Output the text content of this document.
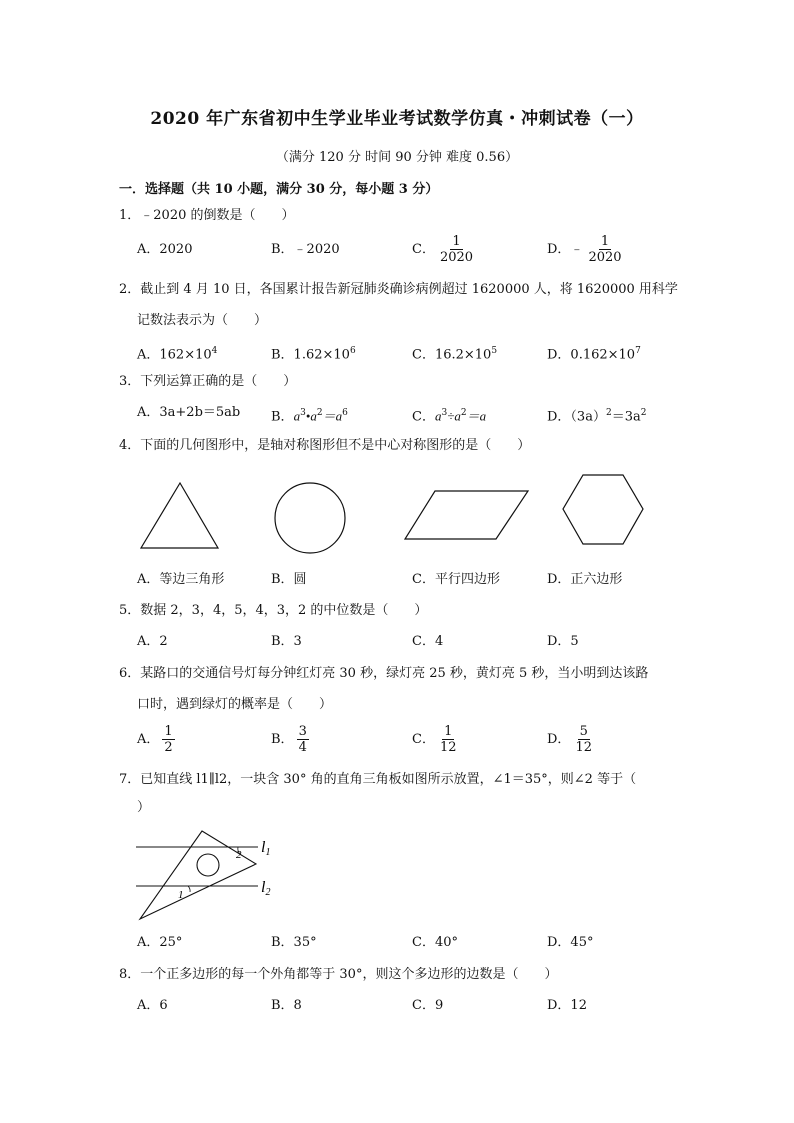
2020 年广东省初中生学业毕业考试数学仿真・冲刺试卷（一）
（满分 120 分 时间 90 分钟 难度 0.56）
一．选择题（共 10 小题，满分 30 分，每小题 3 分）
1．﹣2020 的倒数是（　　）
A．2020	B．﹣2020	C． $\frac{1}{2020}$	D．﹣ $\frac{1}{2020}$
2．截止到 4 月 10 日，各国累计报告新冠肺炎确诊病例超过 1620000 人，将 1620000 用科学
记数法表示为（　　）
A．$162\times 10^4$	B．$1.62\times 10^6$	C．$16.2\times 10^5$	D．$0.162\times 10^7$
3．下列运算正确的是（　　）
A．3a+2b＝5ab B．$a^3•a^2=a^6$	C．$a^3\div a^2=a$	D．$(3a)^2=3a^2$
4．下面的几何图形中，是轴对称图形但不是中心对称图形的是（　　）
A．等边三角形	B．圆	C．平行四边形	D．正六边形
5．数据 2，3，4，5，4，3，2 的中位数是（　　）
A．2	B．3	C．4	D．5
6．某路口的交通信号灯每分钟红灯亮 30 秒，绿灯亮 25 秒，黄灯亮 5 秒，当小明到达该路
口时，遇到绿灯的概率是（　　）
A． $\frac{1}{2}$	B． $\frac{3}{4}$	C． $\frac{1}{12}$	D． $\frac{5}{12}$
7．已知直线 l1∥l2，一块含 30° 角的直角三角板如图所示放置，∠1＝35°，则∠2 等于（
）
2
1
l1
l2
A．25°	B．35°	C．40°	D．45°
8．一个正多边形的每一个外角都等于 30°，则这个多边形的边数是（　　）
A．6	B．8	C．9	D．12
